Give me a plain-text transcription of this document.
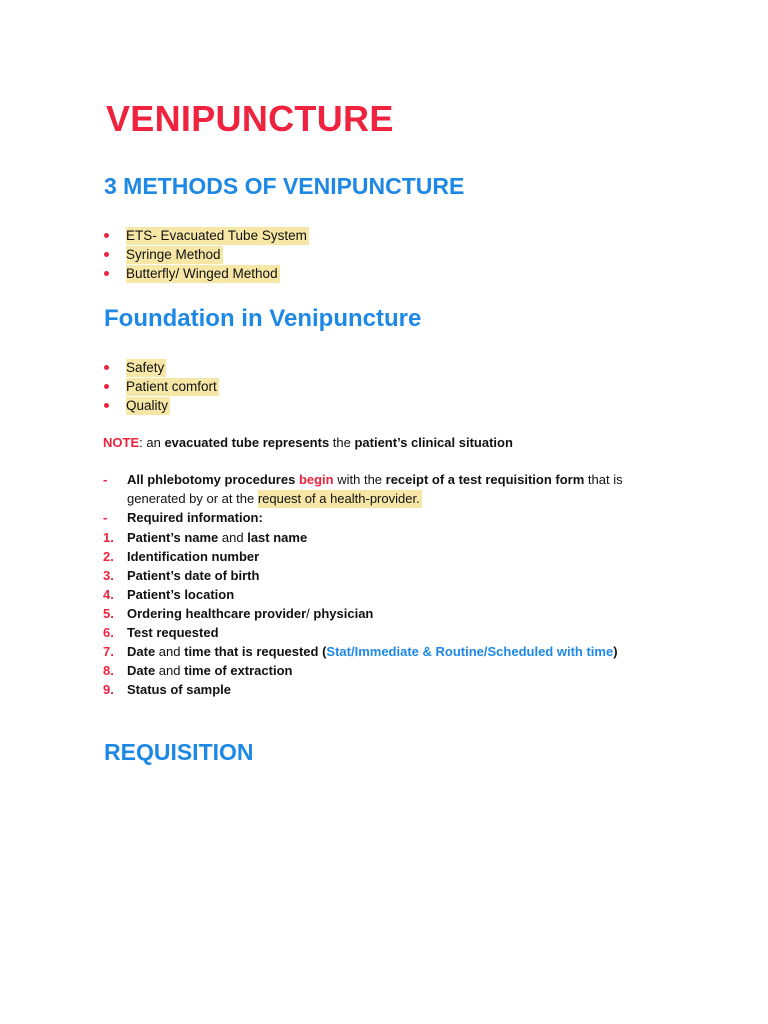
VENIPUNCTURE
3 METHODS OF VENIPUNCTURE
ETS- Evacuated Tube System
Syringe Method
Butterfly/ Winged Method
Foundation in Venipuncture
Safety
Patient comfort
Quality
NOTE: an evacuated tube represents the patient’s clinical situation
- All phlebotomy procedures begin with the receipt of a test requisition form that is generated by or at the request of a health-provider.
- Required information:
1. Patient’s name and last name
2. Identification number
3. Patient’s date of birth
4. Patient’s location
5. Ordering healthcare provider/ physician
6. Test requested
7. Date and time that is requested (Stat/Immediate & Routine/Scheduled with time)
8. Date and time of extraction
9. Status of sample
REQUISITION
